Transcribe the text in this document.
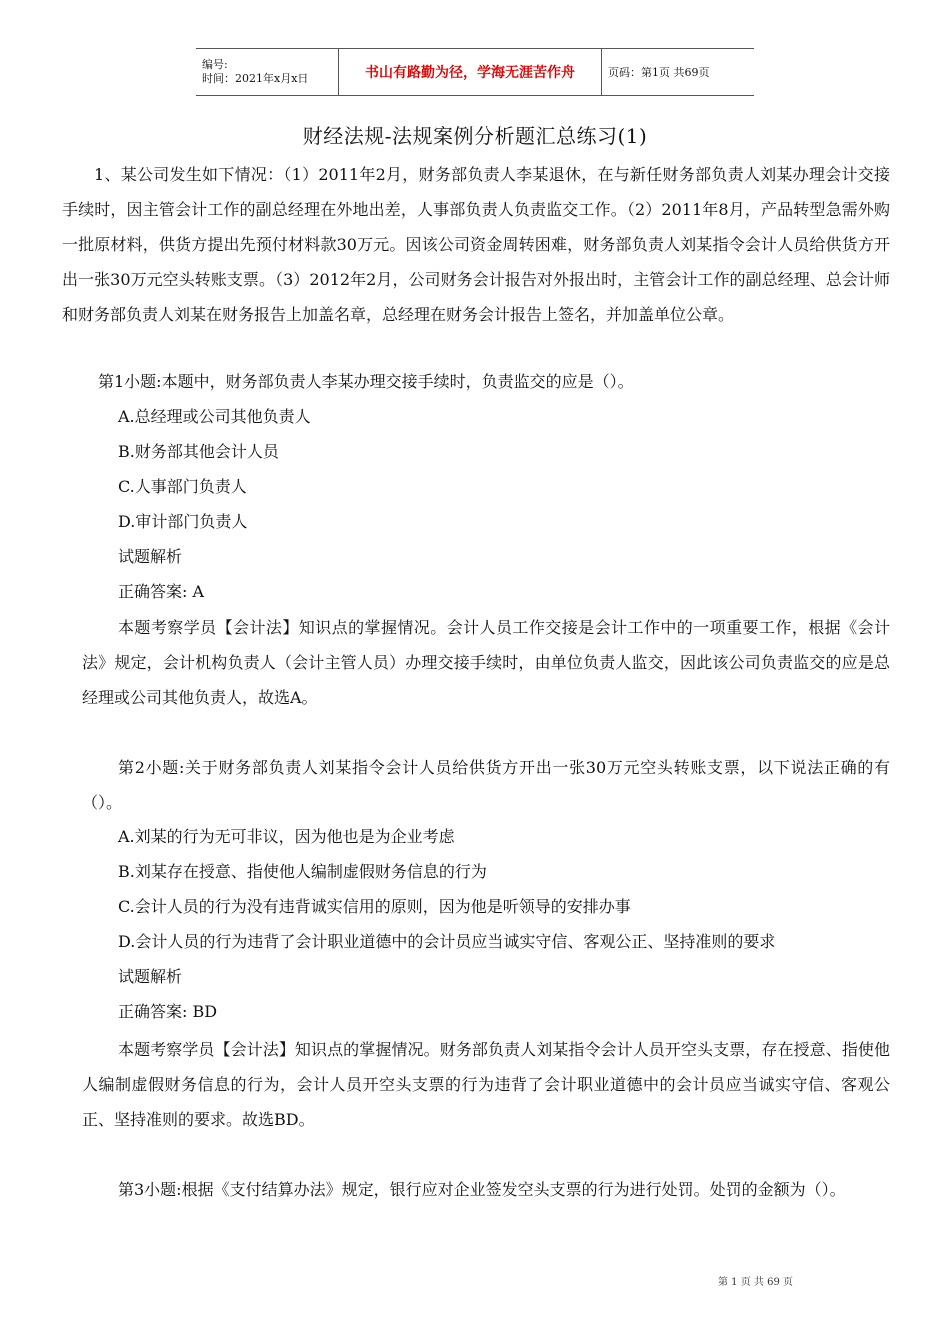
编号:
时间：2021年x月x日	书山有路勤为径，学海无涯苦作舟	页码：第1页 共69页
财经法规-法规案例分析题汇总练习(1)

1、某公司发生如下情况：（1）2011年2月，财务部负责人李某退休，在与新任财务部负责人刘某办理会计交接手续时，因主管会计工作的副总经理在外地出差，人事部负责人负责监交工作。（2）2011年8月，产品转型急需外购一批原材料，供货方提出先预付材料款30万元。因该公司资金周转困难，财务部负责人刘某指令会计人员给供货方开出一张30万元空头转账支票。（3）2012年2月，公司财务会计报告对外报出时，主管会计工作的副总经理、总会计师和财务部负责人刘某在财务报告上加盖名章，总经理在财务会计报告上签名，并加盖单位公章。

第1小题:本题中，财务部负责人李某办理交接手续时，负责监交的应是（）。

A.总经理或公司其他负责人

B.财务部其他会计人员

C.人事部门负责人

D.审计部门负责人

试题解析

正确答案: A

本题考察学员【会计法】知识点的掌握情况。会计人员工作交接是会计工作中的一项重要工作，根据《会计法》规定，会计机构负责人（会计主管人员）办理交接手续时，由单位负责人监交，因此该公司负责监交的应是总经理或公司其他负责人，故选A。

第2小题:关于财务部负责人刘某指令会计人员给供货方开出一张30万元空头转账支票，以下说法正确的有（）。

A.刘某的行为无可非议，因为他也是为企业考虑

B.刘某存在授意、指使他人编制虚假财务信息的行为

C.会计人员的行为没有违背诚实信用的原则，因为他是听领导的安排办事

D.会计人员的行为违背了会计职业道德中的会计员应当诚实守信、客观公正、坚持准则的要求

试题解析

正确答案: BD

本题考察学员【会计法】知识点的掌握情况。财务部负责人刘某指令会计人员开空头支票，存在授意、指使他人编制虚假财务信息的行为，会计人员开空头支票的行为违背了会计职业道德中的会计员应当诚实守信、客观公正、坚持准则的要求。故选BD。

第3小题:根据《支付结算办法》规定，银行应对企业签发空头支票的行为进行处罚。处罚的金额为（）。

第 1 页 共 69 页
